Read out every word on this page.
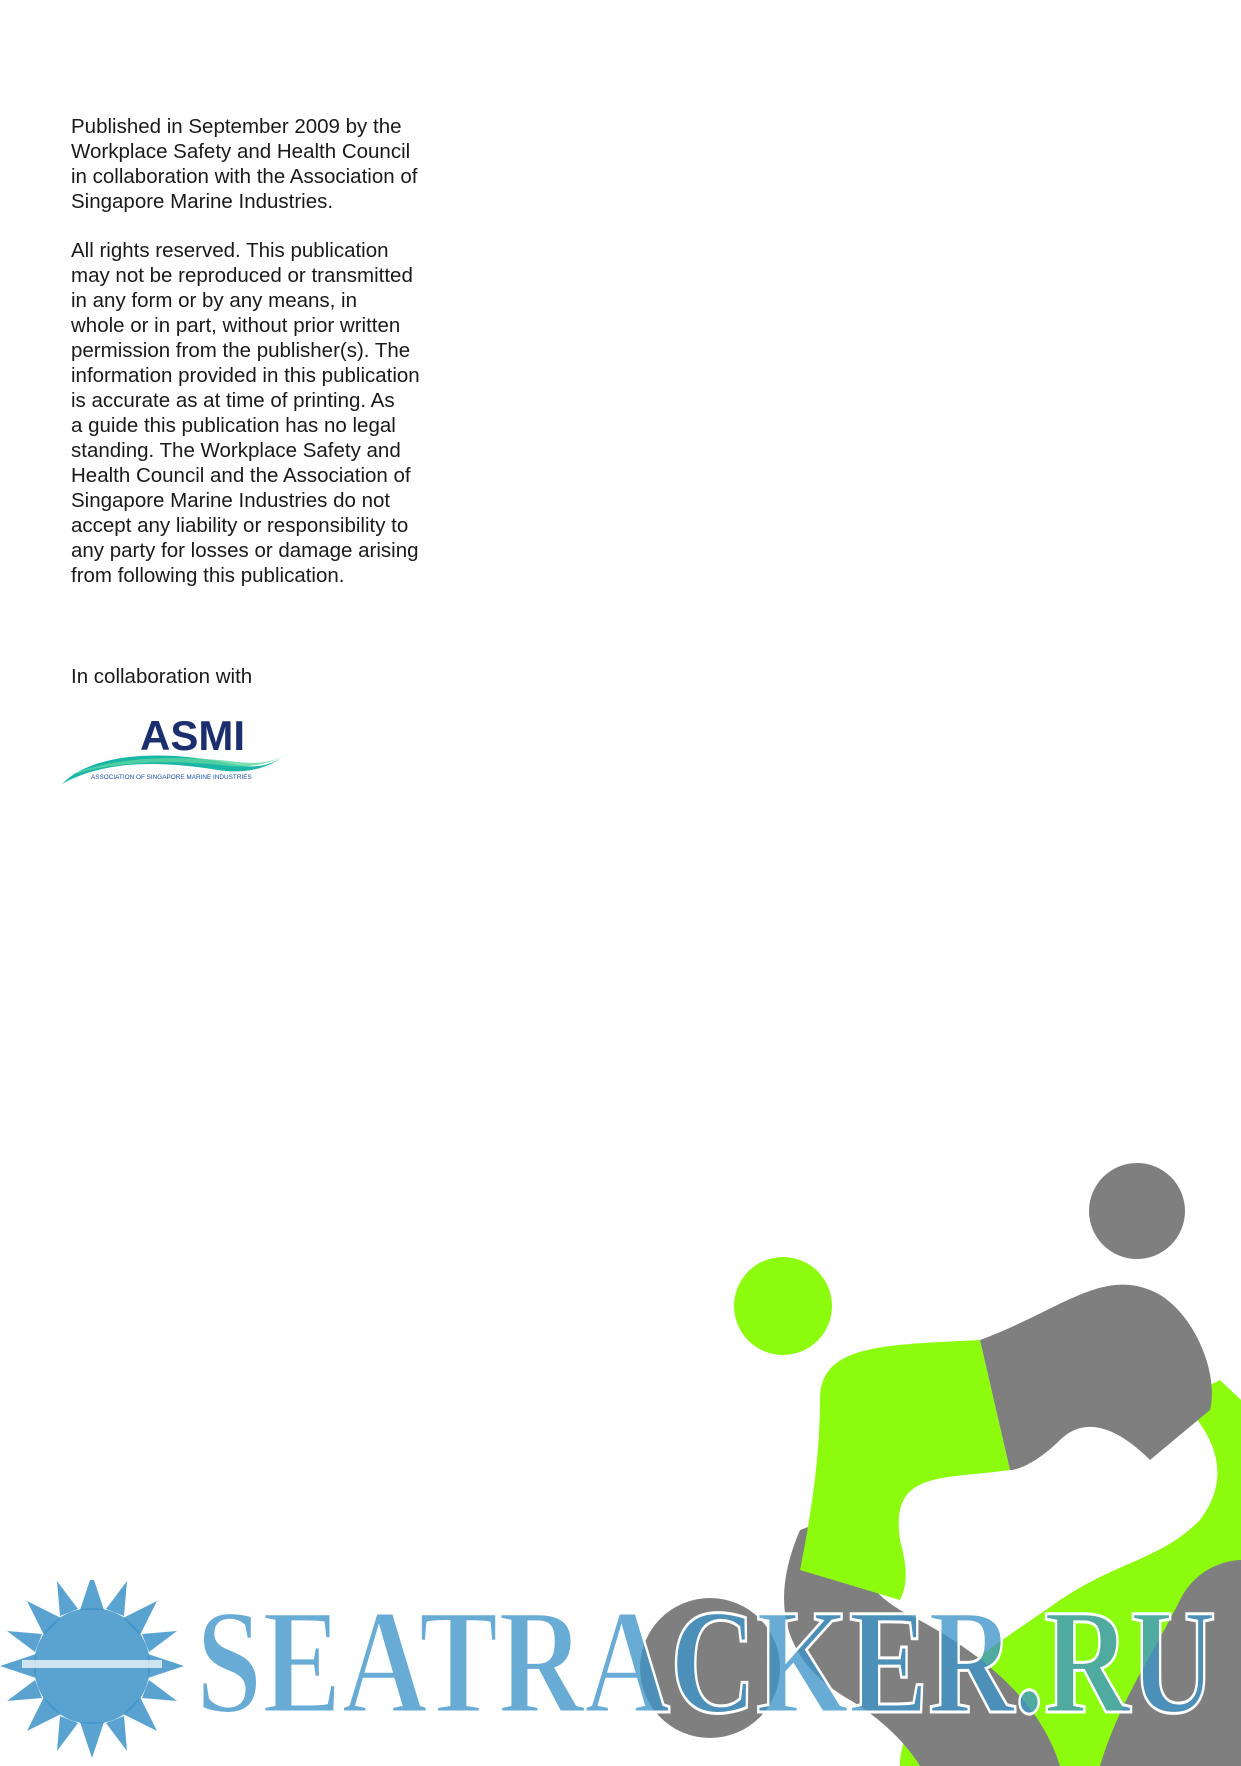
Published in September 2009 by the
Workplace Safety and Health Council
in collaboration with the Association of
Singapore Marine Industries.
All rights reserved. This publication
may not be reproduced or transmitted
in any form or by any means, in
whole or in part, without prior written
permission from the publisher(s). The
information provided in this publication
is accurate as at time of printing. As
a guide this publication has no legal
standing. The Workplace Safety and
Health Council and the Association of
Singapore Marine Industries do not
accept any liability or responsibility to
any party for losses or damage arising
from following this publication.
In collaboration with
ASMI
ASSOCIATION OF SINGAPORE MARINE INDUSTRIES
SEATRACKER.RU
